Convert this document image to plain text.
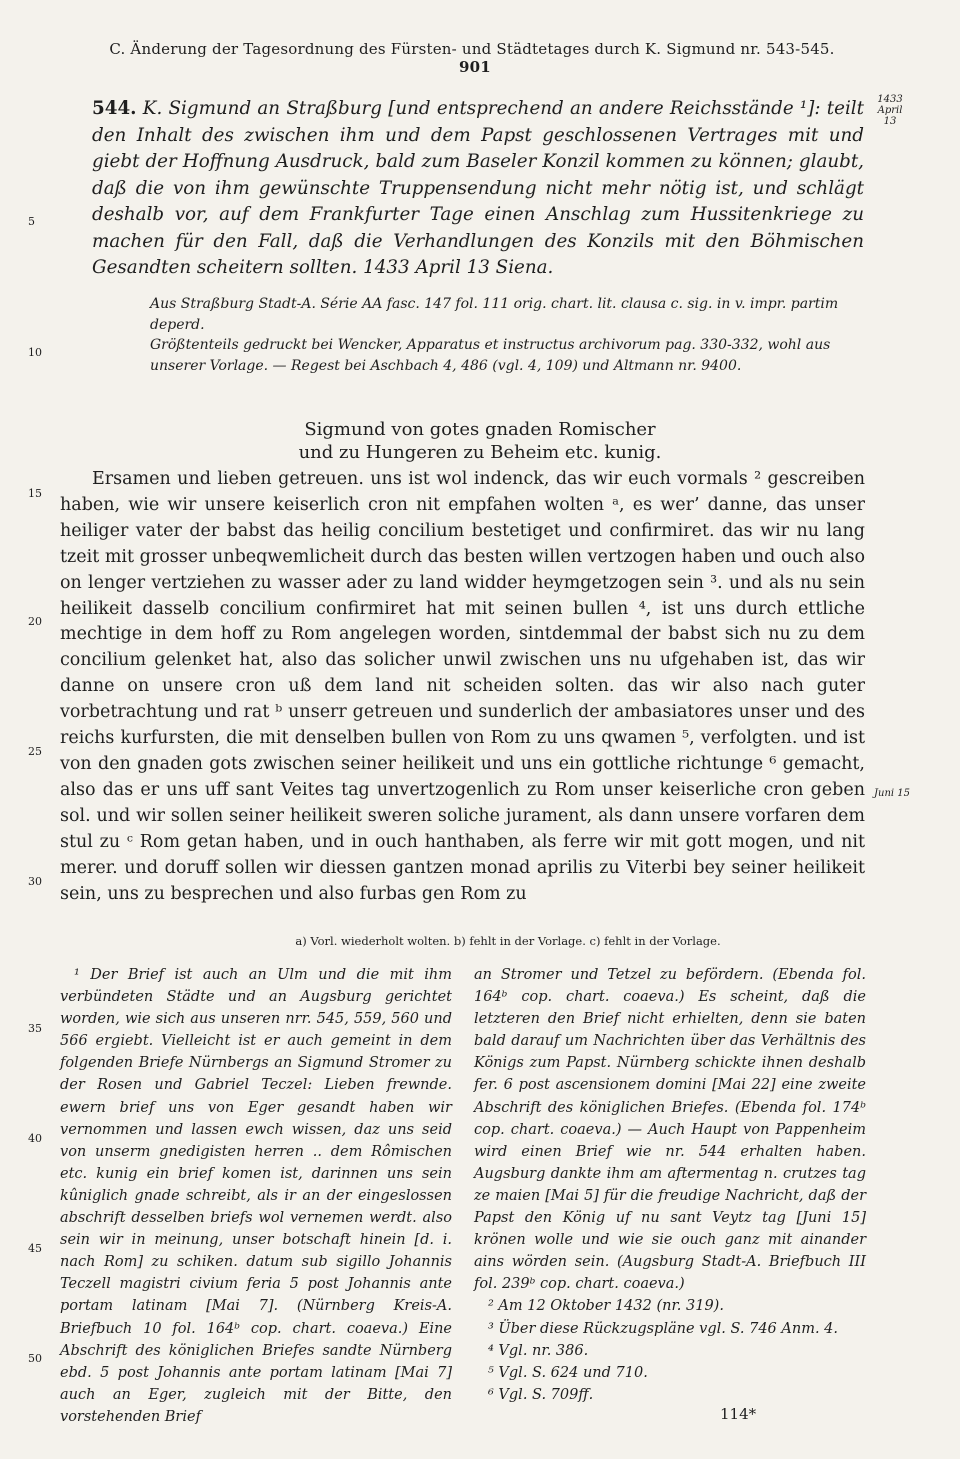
C. Änderung der Tagesordnung des Fürsten- und Städtetages durch K. Sigmund nr. 543-545. 901
1433
April 13
Juni 15
5
10
15
20
25
30
35
40
45
50
544. K. Sigmund an Straßburg [und entsprechend an andere Reichsstände ¹]: teilt den Inhalt des zwischen ihm und dem Papst geschlossenen Vertrages mit und giebt der Hoffnung Ausdruck, bald zum Baseler Konzil kommen zu können; glaubt, daß die von ihm gewünschte Truppensendung nicht mehr nötig ist, und schlägt deshalb vor, auf dem Frankfurter Tage einen Anschlag zum Hussitenkriege zu machen für den Fall, daß die Verhandlungen des Konzils mit den Böhmischen Gesandten scheitern sollten. 1433 April 13 Siena.
Aus Straßburg Stadt-A. Série AA fasc. 147 fol. 111 orig. chart. lit. clausa c. sig. in v. impr. partim deperd.
Größtenteils gedruckt bei Wencker, Apparatus et instructus archivorum pag. 330-332, wohl aus unserer Vorlage. — Regest bei Aschbach 4, 486 (vgl. 4, 109) und Altmann nr. 9400.
Sigmund von gotes gnaden Romischer
und zu Hungeren zu Beheim etc. kunig.
Ersamen und lieben getreuen. uns ist wol indenck, das wir euch vormals ² gescreiben haben, wie wir unsere keiserlich cron nit empfahen wolten ᵃ, es wer’ danne, das unser heiliger vater der babst das heilig concilium bestetiget und confirmiret. das wir nu lang tzeit mit grosser unbeqwemlicheit durch das besten willen vertzogen haben und ouch also on lenger vertziehen zu wasser ader zu land widder heymgetzogen sein ³. und als nu sein heilikeit dasselb concilium confirmiret hat mit seinen bullen ⁴, ist uns durch ettliche mechtige in dem hoff zu Rom angelegen worden, sintdemmal der babst sich nu zu dem concilium gelenket hat, also das solicher unwil zwischen uns nu ufgehaben ist, das wir danne on unsere cron uß dem land nit scheiden solten. das wir also nach guter vorbetrachtung und rat ᵇ unserr getreuen und sunderlich der ambasiatores unser und des reichs kurfursten, die mit denselben bullen von Rom zu uns qwamen ⁵, verfolgten. und ist von den gnaden gots zwischen seiner heilikeit und uns ein gottliche richtunge ⁶ gemacht, also das er uns uff sant Veites tag unvertzogenlich zu Rom unser keiserliche cron geben sol. und wir sollen seiner heilikeit sweren soliche jurament, als dann unsere vorfaren dem stul zu ᶜ Rom getan haben, und in ouch hanthaben, als ferre wir mit gott mogen, und nit merer. und doruff sollen wir diessen gantzen monad aprilis zu Viterbi bey seiner heilikeit sein, uns zu besprechen und also furbas gen Rom zu
a) Vorl. wiederholt wolten. b) fehlt in der Vorlage. c) fehlt in der Vorlage.

¹ Der Brief ist auch an Ulm und die mit ihm verbündeten Städte und an Augsburg gerichtet worden, wie sich aus unseren nrr. 545, 559, 560 und 566 ergiebt. Vielleicht ist er auch gemeint in dem folgenden Briefe Nürnbergs an Sigmund Stromer zu der Rosen und Gabriel Teczel: Lieben frewnde. ewern brief uns von Eger gesandt haben wir vernommen und lassen ewch wissen, daz uns seid von unserm gnedigisten herren .. dem Rômischen etc. kunig ein brief komen ist, darinnen uns sein kûniglich gnade schreibt, als ir an der eingeslossen abschrift desselben briefs wol vernemen werdt. also sein wir in meinung, unser botschaft hinein [d. i. nach Rom] zu schiken. datum sub sigillo Johannis Teczell magistri civium feria 5 post Johannis ante portam latinam [Mai 7]. (Nürnberg Kreis-A. Briefbuch 10 fol. 164ᵇ cop. chart. coaeva.) Eine Abschrift des königlichen Briefes sandte Nürnberg ebd. 5 post Johannis ante portam latinam [Mai 7] auch an Eger, zugleich mit der Bitte, den vorstehenden Brief

an Stromer und Tetzel zu befördern. (Ebenda fol. 164ᵇ cop. chart. coaeva.) Es scheint, daß die letzteren den Brief nicht erhielten, denn sie baten bald darauf um Nachrichten über das Verhältnis des Königs zum Papst. Nürnberg schickte ihnen deshalb fer. 6 post ascensionem domini [Mai 22] eine zweite Abschrift des königlichen Briefes. (Ebenda fol. 174ᵇ cop. chart. coaeva.) — Auch Haupt von Pappenheim wird einen Brief wie nr. 544 erhalten haben. Augsburg dankte ihm am aftermentag n. crutzes tag ze maien [Mai 5] für die freudige Nachricht, daß der Papst den König uf nu sant Veytz tag [Juni 15] krönen wolle und wie sie ouch ganz mit ainander ains wörden sein. (Augsburg Stadt-A. Briefbuch III fol. 239ᵇ cop. chart. coaeva.)

² Am 12 Oktober 1432 (nr. 319).

³ Über diese Rückzugspläne vgl. S. 746 Anm. 4.

⁴ Vgl. nr. 386.

⁵ Vgl. S. 624 und 710.

⁶ Vgl. S. 709ff.

114*
